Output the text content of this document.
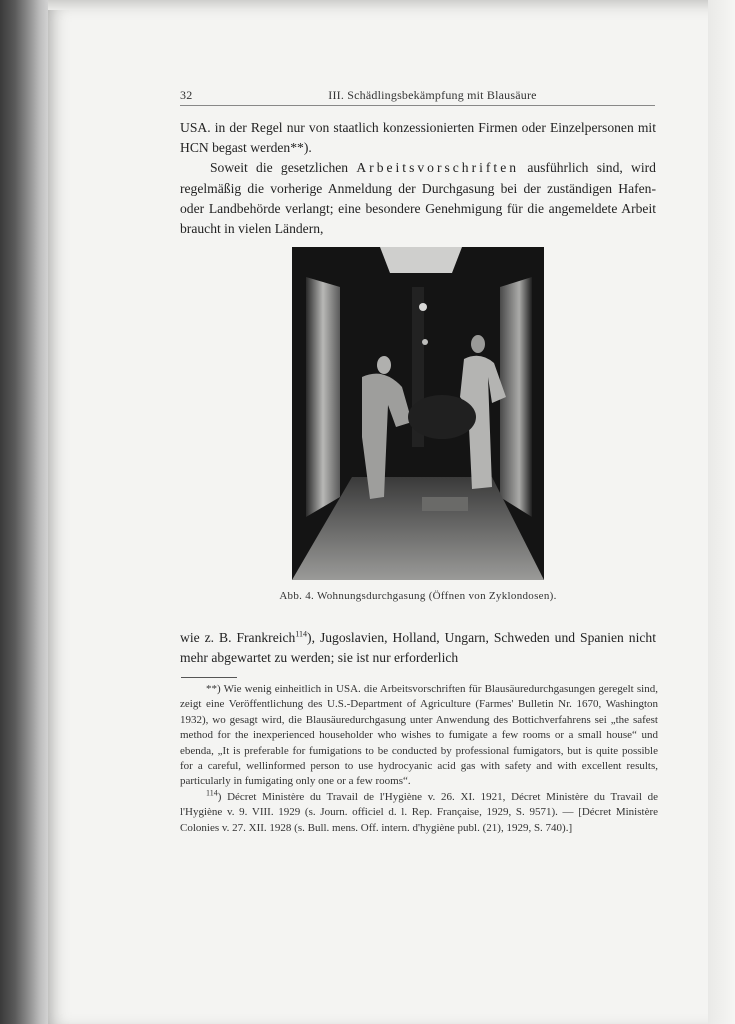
32	III. Schädlingsbekämpfung mit Blausäure
USA. in der Regel nur von staatlich konzessionierten Firmen oder Einzelpersonen mit HCN begast werden**).
Soweit die gesetzlichen Arbeitsvorschriften ausführlich sind, wird regelmäßig die vorherige Anmeldung der Durchgasung bei der zuständigen Hafen- oder Landbehörde verlangt; eine besondere Genehmigung für die angemeldete Arbeit braucht in vielen Ländern,
Abb. 4. Wohnungsdurchgasung (Öffnen von Zyklondosen).
wie z. B. Frankreich$^{114}$), Jugoslavien, Holland, Ungarn, Schweden und Spanien nicht mehr abgewartet zu werden; sie ist nur erforderlich

**) Wie wenig einheitlich in USA. die Arbeitsvorschriften für Blausäuredurchgasungen geregelt sind, zeigt eine Veröffentlichung des U.S.-Department of Agriculture (Farmes' Bulletin Nr. 1670, Washington 1932), wo gesagt wird, die Blausäuredurchgasung unter Anwendung des Bottichverfahrens sei „the safest method for the inexperienced householder who wishes to fumigate a few rooms or a small house“ und ebenda, „It is preferable for fumigations to be conducted by professional fumigators, but is quite possible for a careful, wellinformed person to use hydrocyanic acid gas with safety and with excellent results, particularly in fumigating only one or a few rooms“.

$^{114}$) Décret Ministère du Travail de l'Hygiène v. 26. XI. 1921, Décret Ministère du Travail de l'Hygiène v. 9. VIII. 1929 (s. Journ. officiel d. l. Rep. Française, 1929, S. 9571). — [Décret Ministère Colonies v. 27. XII. 1928 (s. Bull. mens. Off. intern. d'hygiène publ. (21), 1929, S. 740).]
